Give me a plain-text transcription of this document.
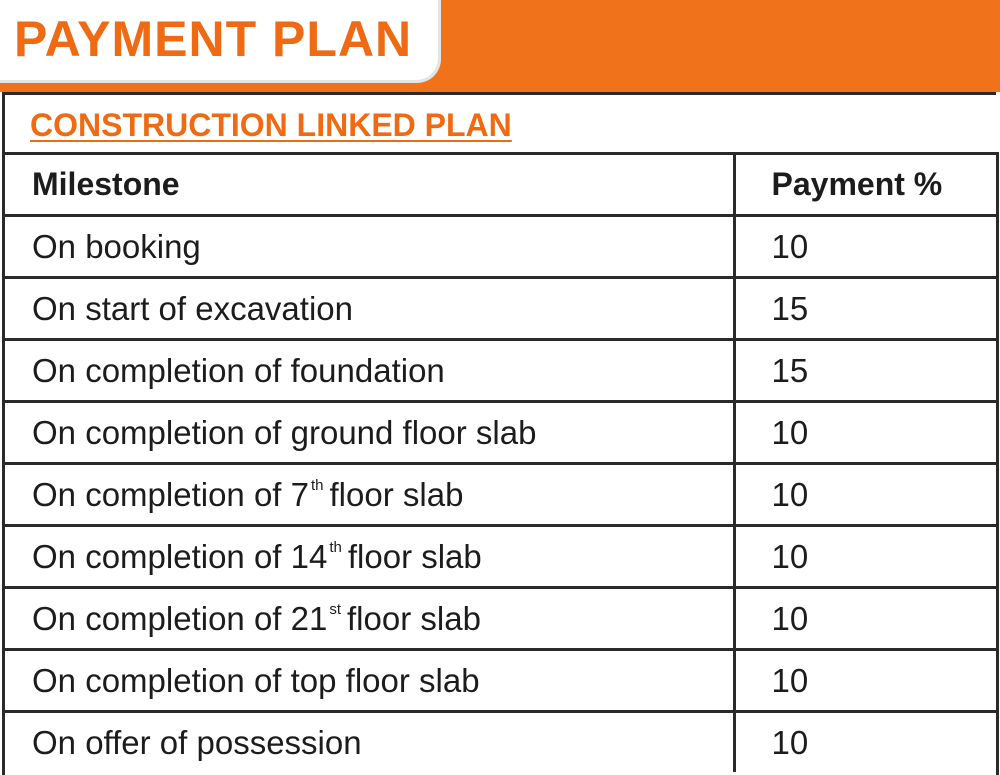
PAYMENT PLAN
CONSTRUCTION LINKED PLAN
Milestone	Payment %
On booking	10
On start of excavation	15
On completion of foundation	15
On completion of ground floor slab	10
On completion of 7 $^{th}$ floor slab	10
On completion of 14 $^{th}$ floor slab	10
On completion of 21 $^{st}$ floor slab	10
On completion of top floor slab	10
On offer of possession	10
